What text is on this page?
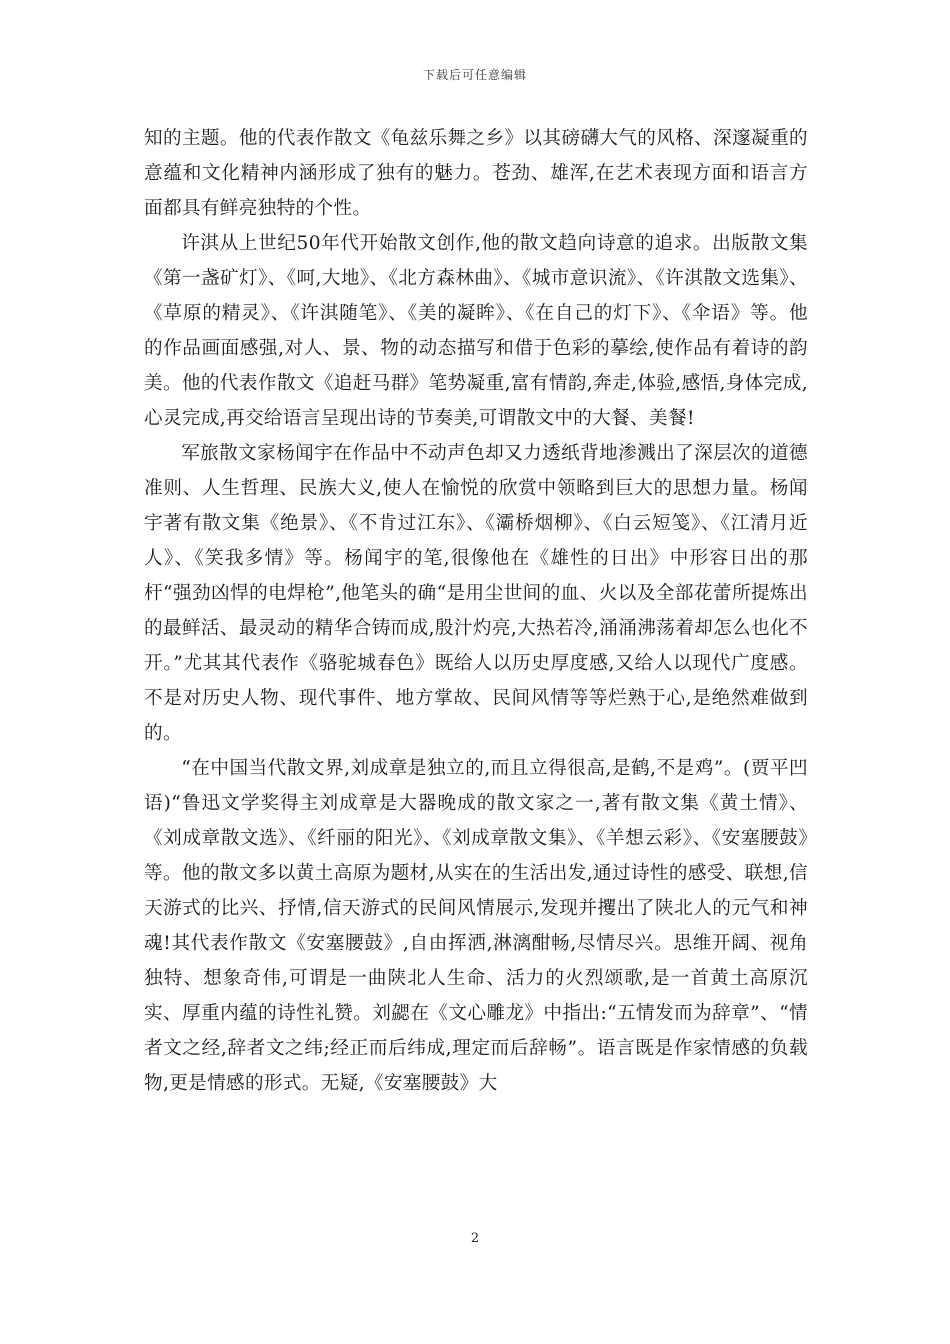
下载后可任意编辑

知的主题。他的代表作散文《龟兹乐舞之乡》以其磅礴大气的风格、深邃凝重的意蕴和文化精神内涵形成了独有的魅力。苍劲、雄浑,在艺术表现方面和语言方面都具有鲜亮独特的个性。

许淇从上世纪50年代开始散文创作,他的散文趋向诗意的追求。出版散文集《第一盏矿灯》、《呵,大地》、《北方森林曲》、《城市意识流》、《许淇散文选集》、《草原的精灵》、《许淇随笔》、《美的凝眸》、《在自己的灯下》、《伞语》等。他的作品画面感强,对人、景、物的动态描写和借于色彩的摹绘,使作品有着诗的韵美。他的代表作散文《追赶马群》笔势凝重,富有情韵,奔走,体验,感悟,身体完成,心灵完成,再交给语言呈现出诗的节奏美,可谓散文中的大餐、美餐!

军旅散文家杨闻宇在作品中不动声色却又力透纸背地渗溅出了深层次的道德准则、人生哲理、民族大义,使人在愉悦的欣赏中领略到巨大的思想力量。杨闻宇著有散文集《绝景》、《不肯过江东》、《灞桥烟柳》、《白云短笺》、《江清月近人》、《笑我多情》等。杨闻宇的笔,很像他在《雄性的日出》中形容日出的那杆“强劲凶悍的电焊枪”,他笔头的确“是用尘世间的血、火以及全部花蕾所提炼出的最鲜活、最灵动的精华合铸而成,殷汁灼亮,大热若冷,涌涌沸荡着却怎么也化不开。”尤其其代表作《骆驼城春色》既给人以历史厚度感,又给人以现代广度感。不是对历史人物、现代事件、地方掌故、民间风情等等烂熟于心,是绝然难做到的。

“在中国当代散文界,刘成章是独立的,而且立得很高,是鹤,不是鸡”。(贾平凹语)“鲁迅文学奖得主刘成章是大器晚成的散文家之一,著有散文集《黄土情》、《刘成章散文选》、《纤丽的阳光》、《刘成章散文集》、《羊想云彩》、《安塞腰鼓》等。他的散文多以黄土高原为题材,从实在的生活出发,通过诗性的感受、联想,信天游式的比兴、抒情,信天游式的民间风情展示,发现并攫出了陕北人的元气和神魂!其代表作散文《安塞腰鼓》,自由挥洒,淋漓酣畅,尽情尽兴。思维开阔、视角独特、想象奇伟,可谓是一曲陕北人生命、活力的火烈颂歌,是一首黄土高原沉实、厚重内蕴的诗性礼赞。刘勰在《文心雕龙》中指出:“五情发而为辞章”、“情者文之经,辞者文之纬;经正而后纬成,理定而后辞畅”。语言既是作家情感的负载物,更是情感的形式。无疑,《安塞腰鼓》大

2
